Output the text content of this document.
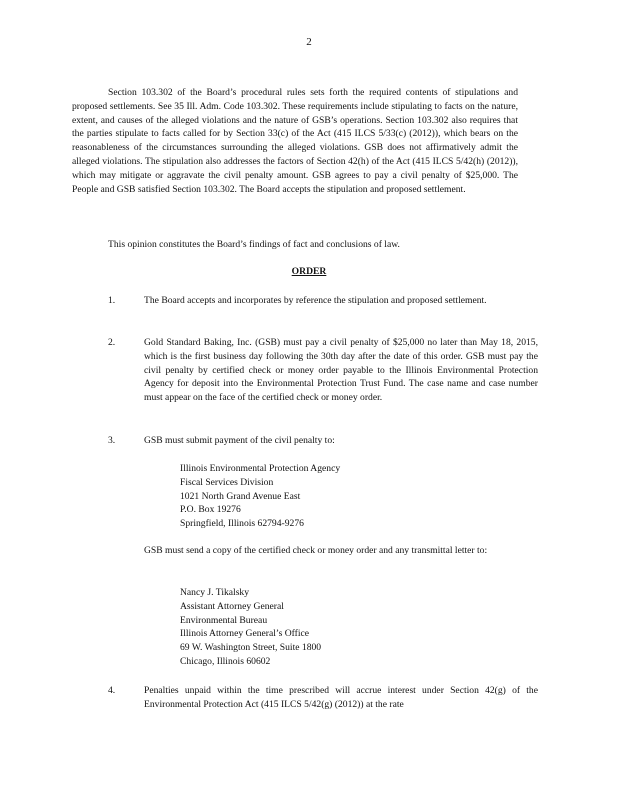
2

Section 103.302 of the Board’s procedural rules sets forth the required contents of stipulations and proposed settlements. See 35 Ill. Adm. Code 103.302. These requirements include stipulating to facts on the nature, extent, and causes of the alleged violations and the nature of GSB’s operations. Section 103.302 also requires that the parties stipulate to facts called for by Section 33(c) of the Act (415 ILCS 5/33(c) (2012)), which bears on the reasonableness of the circumstances surrounding the alleged violations. GSB does not affirmatively admit the alleged violations. The stipulation also addresses the factors of Section 42(h) of the Act (415 ILCS 5/42(h) (2012)), which may mitigate or aggravate the civil penalty amount. GSB agrees to pay a civil penalty of $25,000. The People and GSB satisfied Section 103.302. The Board accepts the stipulation and proposed settlement.

This opinion constitutes the Board’s findings of fact and conclusions of law.

ORDER
1.	The Board accepts and incorporates by reference the stipulation and proposed settlement.
2.	Gold Standard Baking, Inc. (GSB) must pay a civil penalty of $25,000 no later than May 18, 2015, which is the first business day following the 30th day after the date of this order. GSB must pay the civil penalty by certified check or money order payable to the Illinois Environmental Protection Agency for deposit into the Environmental Protection Trust Fund. The case name and case number must appear on the face of the certified check or money order.
3.	GSB must submit payment of the civil penalty to:
Illinois Environmental Protection Agency
Fiscal Services Division
1021 North Grand Avenue East
P.O. Box 19276
Springfield, Illinois 62794-9276
GSB must send a copy of the certified check or money order and any transmittal letter to:
Nancy J. Tikalsky
Assistant Attorney General
Environmental Bureau
Illinois Attorney General’s Office
69 W. Washington Street, Suite 1800
Chicago, Illinois 60602
4.	Penalties unpaid within the time prescribed will accrue interest under Section 42(g) of the Environmental Protection Act (415 ILCS 5/42(g) (2012)) at the rate
